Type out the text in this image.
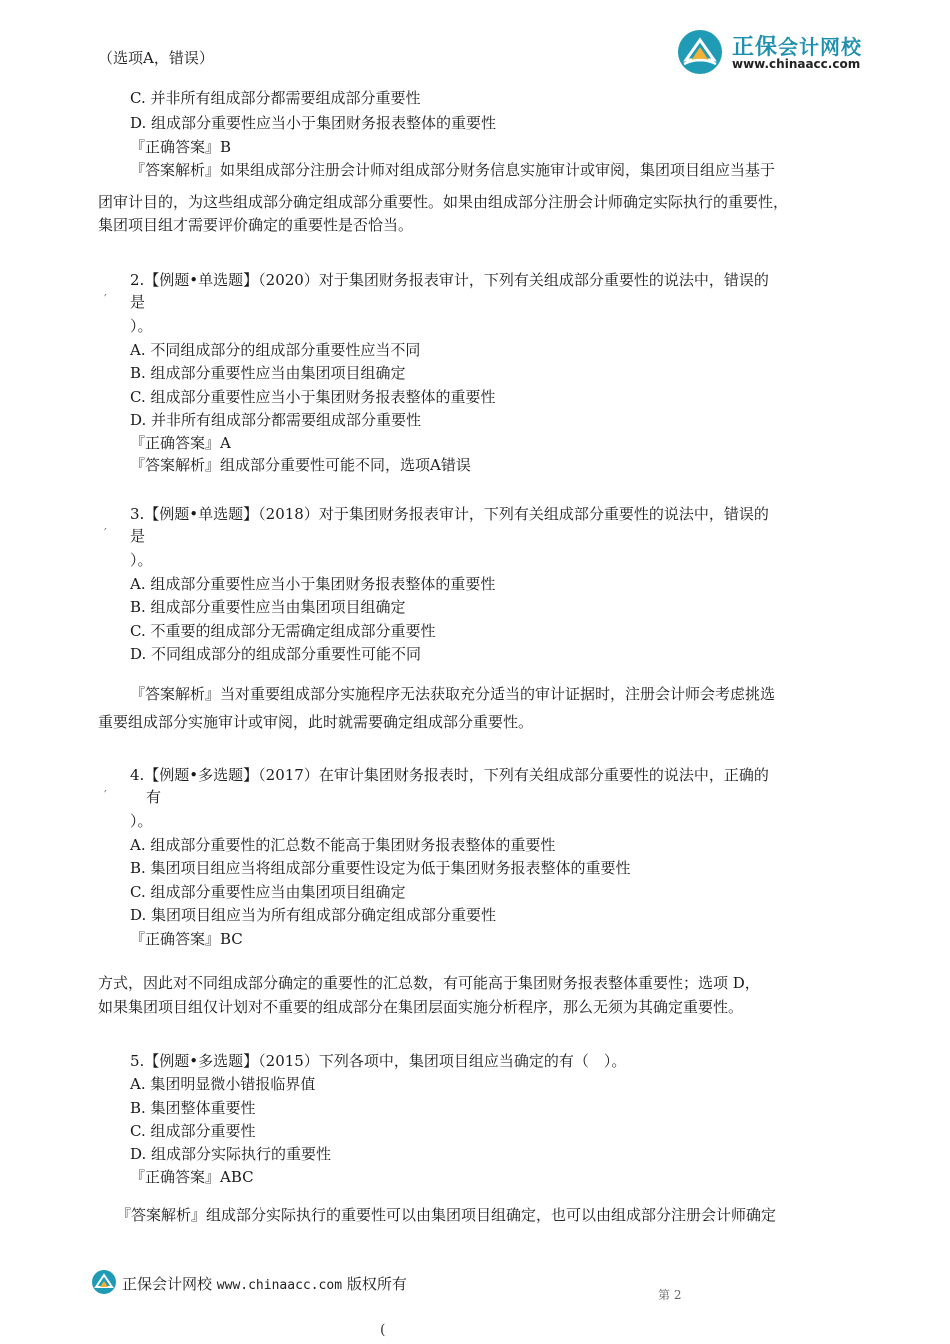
正保会计网校
www.chinaacc.com
（选项A，错误）
C. 并非所有组成部分都需要组成部分重要性
D. 组成部分重要性应当小于集团财务报表整体的重要性
『正确答案』B
『答案解析』如果组成部分注册会计师对组成部分财务信息实施审计或审阅，集团项目组应当基于
团审计目的，为这些组成部分确定组成部分重要性。如果由组成部分注册会计师确定实际执行的重要性，
集团项目组才需要评价确定的重要性是否恰当。
2.【例题•单选题】（2020）对于集团财务报表审计，下列有关组成部分重要性的说法中，错误的
′ 是
）。
A. 不同组成部分的组成部分重要性应当不同
B. 组成部分重要性应当由集团项目组确定
C. 组成部分重要性应当小于集团财务报表整体的重要性
D. 并非所有组成部分都需要组成部分重要性
『正确答案』A
『答案解析』组成部分重要性可能不同，选项A错误
3.【例题•单选题】（2018）对于集团财务报表审计，下列有关组成部分重要性的说法中，错误的
′ 是
）。
A. 组成部分重要性应当小于集团财务报表整体的重要性
B. 组成部分重要性应当由集团项目组确定
C. 不重要的组成部分无需确定组成部分重要性
D. 不同组成部分的组成部分重要性可能不同
『答案解析』当对重要组成部分实施程序无法获取充分适当的审计证据时，注册会计师会考虑挑选
重要组成部分实施审计或审阅，此时就需要确定组成部分重要性。
4.【例题•多选题】（2017）在审计集团财务报表时，下列有关组成部分重要性的说法中，正确的
′	有
）。
A. 组成部分重要性的汇总数不能高于集团财务报表整体的重要性
B. 集团项目组应当将组成部分重要性设定为低于集团财务报表整体的重要性
C. 组成部分重要性应当由集团项目组确定
D. 集团项目组应当为所有组成部分确定组成部分重要性
『正确答案』BC
方式，因此对不同组成部分确定的重要性的汇总数，有可能高于集团财务报表整体重要性；选项 D，
如果集团项目组仅计划对不重要的组成部分在集团层面实施分析程序，那么无须为其确定重要性。
5.【例题•多选题】（2015）下列各项中，集团项目组应当确定的有（　）。
A. 集团明显微小错报临界值
B. 集团整体重要性
C. 组成部分重要性
D. 组成部分实际执行的重要性
『正确答案』ABC
『答案解析』组成部分实际执行的重要性可以由集团项目组确定，也可以由组成部分注册会计师确定
正保会计网校 www.chinaacc.com 版权所有
第 2
(
